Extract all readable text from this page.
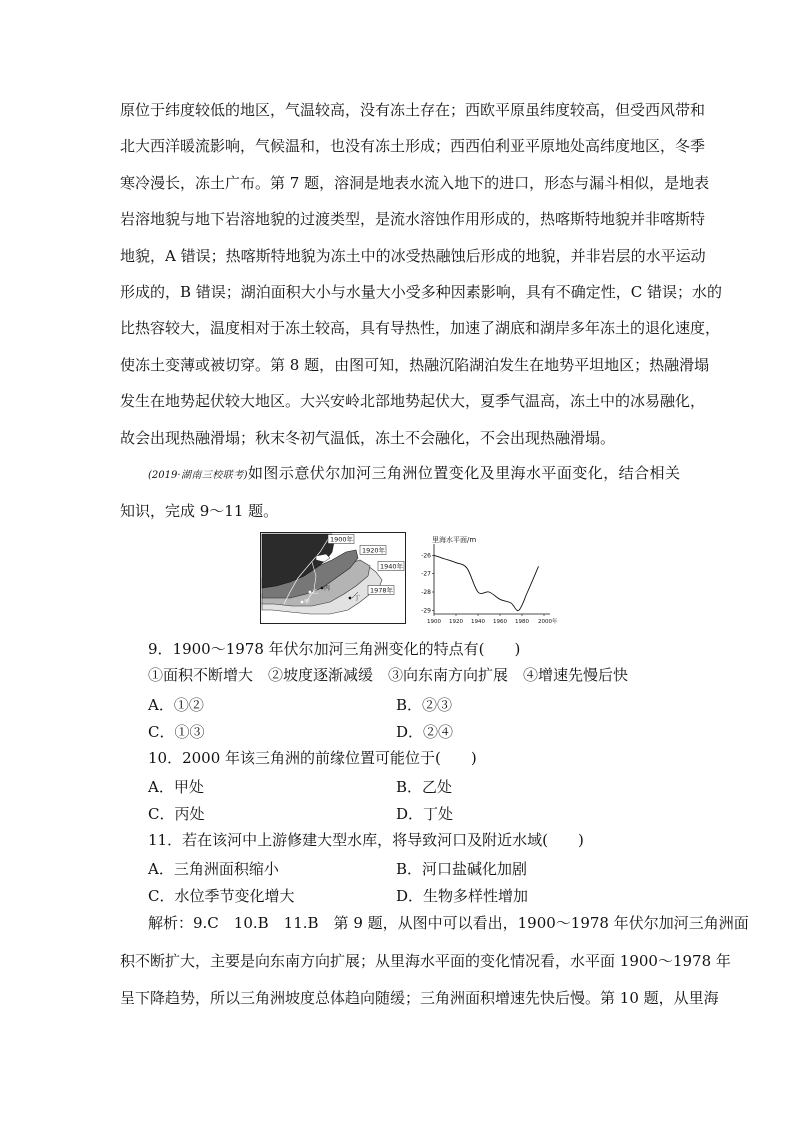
原位于纬度较低的地区，气温较高，没有冻土存在；西欧平原虽纬度较高，但受西风带和
北大西洋暖流影响，气候温和，也没有冻土形成；西西伯利亚平原地处高纬度地区，冬季
寒冷漫长，冻土广布。第 7 题，溶洞是地表水流入地下的进口，形态与漏斗相似，是地表
岩溶地貌与地下岩溶地貌的过渡类型，是流水溶蚀作用形成的，热喀斯特地貌并非喀斯特
地貌，A 错误；热喀斯特地貌为冻土中的冰受热融蚀后形成的地貌，并非岩层的水平运动
形成的，B 错误；湖泊面积大小与水量大小受多种因素影响，具有不确定性，C 错误；水的
比热容较大，温度相对于冻土较高，具有导热性，加速了湖底和湖岸多年冻土的退化速度，
使冻土变薄或被切穿。第 8 题，由图可知，热融沉陷湖泊发生在地势平坦地区；热融滑塌
发生在地势起伏较大地区。大兴安岭北部地势起伏大，夏季气温高，冻土中的冰易融化，
故会出现热融滑塌；秋末冬初气温低，冻土不会融化，不会出现热融滑塌。
(2019·湖南三校联考)如图示意伏尔加河三角洲位置变化及里海水平面变化，结合相关
知识，完成 9～11 题。
1900年
1920年
1940年
1978年
甲
乙
丙
丁
里海水平面/m
-26
-27
-28
-29
1900 1920 1940 1960 1980 2000年
9．1900～1978 年伏尔加河三角洲变化的特点有(　　)
①面积不断增大　②坡度逐渐减缓　③向东南方向扩展　④增速先慢后快
A．①②	B．②③
C．①③	D．②④
10．2000 年该三角洲的前缘位置可能位于(　　)
A．甲处	B．乙处
C．丙处	D．丁处
11．若在该河中上游修建大型水库，将导致河口及附近水域(　　)
A．三角洲面积缩小	B．河口盐碱化加剧
C．水位季节变化增大	D．生物多样性增加
解析：9.C　10.B　11.B　第 9 题，从图中可以看出，1900～1978 年伏尔加河三角洲面
积不断扩大，主要是向东南方向扩展；从里海水平面的变化情况看，水平面 1900～1978 年
呈下降趋势，所以三角洲坡度总体趋向随缓；三角洲面积增速先快后慢。第 10 题，从里海
